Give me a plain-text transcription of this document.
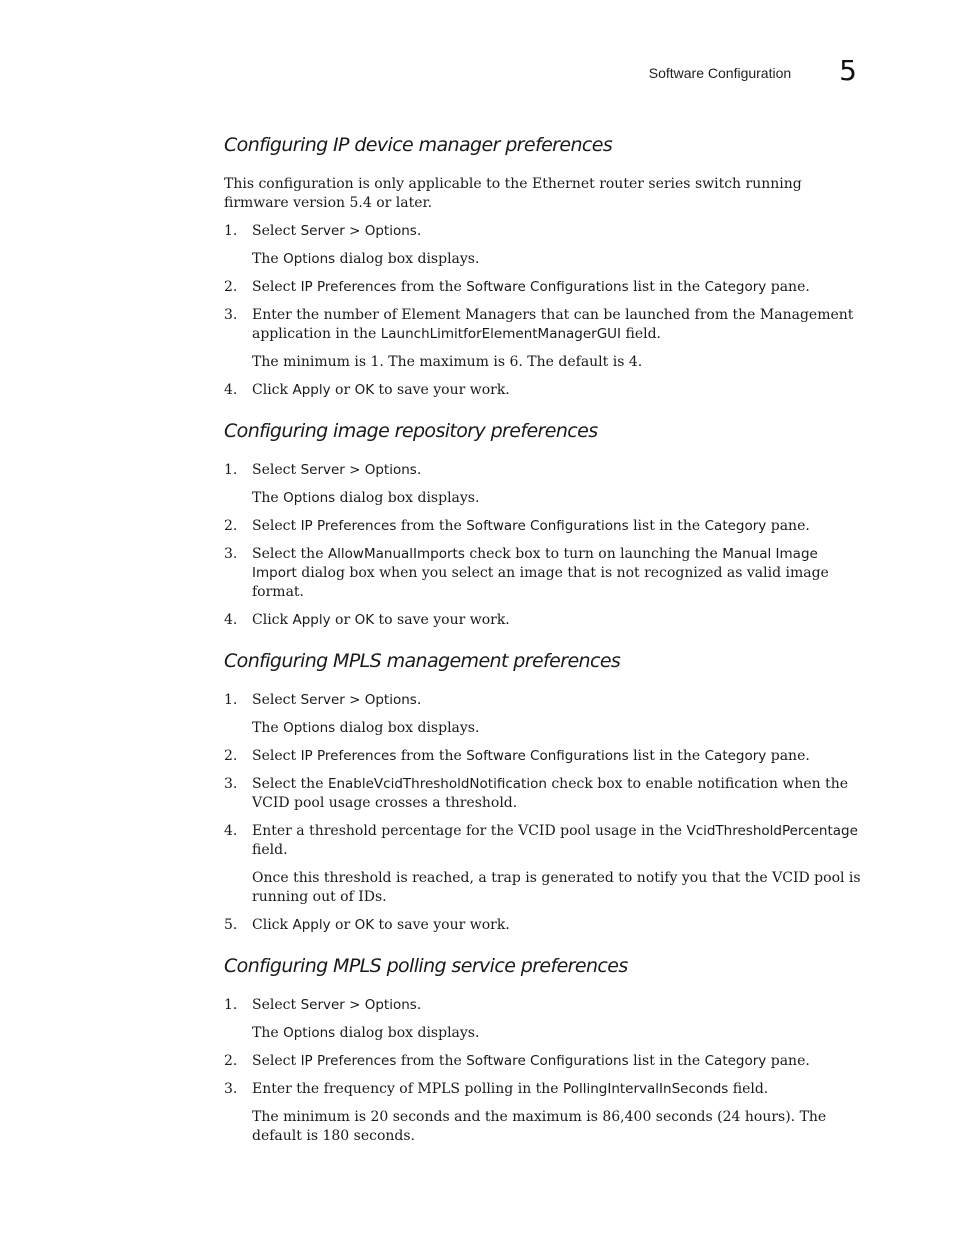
Software Configuration 5
Configuring IP device manager preferences

This configuration is only applicable to the Ethernet router series switch running firmware version 5.4 or later.

1. Select Server > Options.
The Options dialog box displays.
2. Select IP Preferences from the Software Configurations list in the Category pane.
3. Enter the number of Element Managers that can be launched from the Management application in the LaunchLimitforElementManagerGUI field.
The minimum is 1. The maximum is 6. The default is 4.
4. Click Apply or OK to save your work.
Configuring image repository preferences
1. Select Server > Options.
The Options dialog box displays.
2. Select IP Preferences from the Software Configurations list in the Category pane.
3. Select the AllowManualImports check box to turn on launching the Manual Image Import dialog box when you select an image that is not recognized as valid image format.
4. Click Apply or OK to save your work.
Configuring MPLS management preferences
1. Select Server > Options.
The Options dialog box displays.
2. Select IP Preferences from the Software Configurations list in the Category pane.
3. Select the EnableVcidThresholdNotification check box to enable notification when the VCID pool usage crosses a threshold.
4. Enter a threshold percentage for the VCID pool usage in the VcidThresholdPercentage field.
Once this threshold is reached, a trap is generated to notify you that the VCID pool is running out of IDs.
5. Click Apply or OK to save your work.
Configuring MPLS polling service preferences
1. Select Server > Options.
The Options dialog box displays.
2. Select IP Preferences from the Software Configurations list in the Category pane.
3. Enter the frequency of MPLS polling in the PollingIntervalInSeconds field.
The minimum is 20 seconds and the maximum is 86,400 seconds (24 hours). The default is 180 seconds.
